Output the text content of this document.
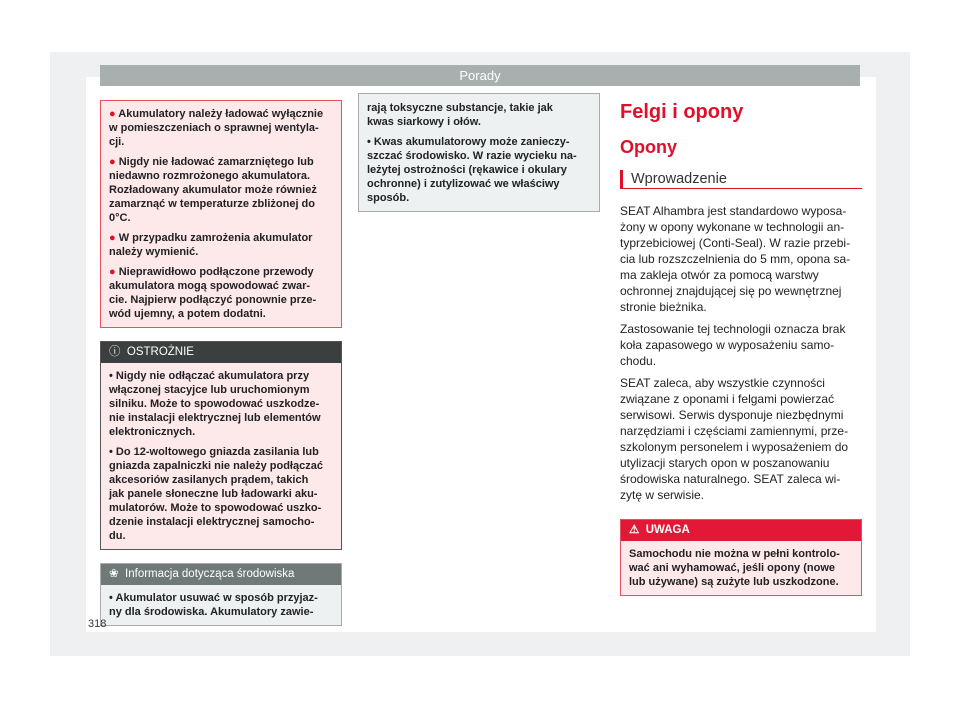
Porady

● Akumulatory należy ładować wyłącznie
w pomieszczeniach o sprawnej wentyla-
cji.

● Nigdy nie ładować zamarzniętego lub
niedawno rozmrożonego akumulatora.
Rozładowany akumulator może również
zamarznąć w temperaturze zbliżonej do
0°C.

● W przypadku zamrożenia akumulator
należy wymienić.

● Nieprawidłowo podłączone przewody
akumulatora mogą spowodować zwar-
cie. Najpierw podłączyć ponownie prze-
wód ujemny, a potem dodatni.

ⓘ OSTROŻNIE

• Nigdy nie odłączać akumulatora przy
włączonej stacyjce lub uruchomionym
silniku. Może to spowodować uszkodze-
nie instalacji elektrycznej lub elementów
elektronicznych.

• Do 12-woltowego gniazda zasilania lub
gniazda zapalniczki nie należy podłączać
akcesoriów zasilanych prądem, takich
jak panele słoneczne lub ładowarki aku-
mulatorów. Może to spowodować uszko-
dzenie instalacji elektrycznej samocho-
du.

❀ Informacja dotycząca środowiska

• Akumulator usuwać w sposób przyjaz-
ny dla środowiska. Akumulatory zawie-

rają toksyczne substancje, takie jak
kwas siarkowy i ołów.

• Kwas akumulatorowy może zanieczy-
szczać środowisko. W razie wycieku na-
leżytej ostrożności (rękawice i okulary
ochronne) i zutylizować we właściwy
sposób.

Felgi i opony
Opony
Wprowadzenie

SEAT Alhambra jest standardowo wyposa-
żony w opony wykonane w technologii an-
typrzebiciowej (Conti-Seal). W razie przebi-
cia lub rozszczelnienia do 5 mm, opona sa-
ma zakleja otwór za pomocą warstwy
ochronnej znajdującej się po wewnętrznej
stronie bieżnika.

Zastosowanie tej technologii oznacza brak
koła zapasowego w wyposażeniu samo-
chodu.

SEAT zaleca, aby wszystkie czynności
związane z oponami i felgami powierzać
serwisowi. Serwis dysponuje niezbędnymi
narzędziami i częściami zamiennymi, prze-
szkolonym personelem i wyposażeniem do
utylizacji starych opon w poszanowaniu
środowiska naturalnego. SEAT zaleca wi-
zytę w serwisie.

⚠ UWAGA

Samochodu nie można w pełni kontrolo-
wać ani wyhamować, jeśli opony (nowe
lub używane) są zużyte lub uszkodzone.

318
